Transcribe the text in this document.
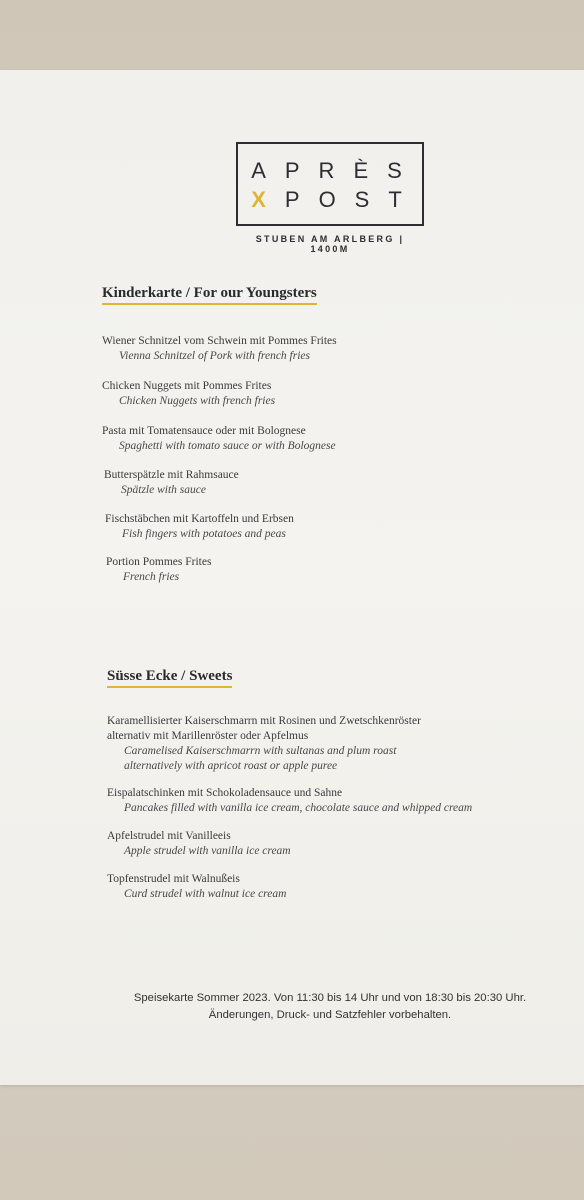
APRÈS
XPOST
STUBEN AM ARLBERG | 1400M
Kinderkarte / For our Youngsters
Wiener Schnitzel vom Schwein mit Pommes Frites
Vienna Schnitzel of Pork with french fries
Chicken Nuggets mit Pommes Frites
Chicken Nuggets with french fries
Pasta mit Tomatensauce oder mit Bolognese
Spaghetti with tomato sauce or with Bolognese
Butterspätzle mit Rahmsauce
Spätzle with sauce
Fischstäbchen mit Kartoffeln und Erbsen
Fish fingers with potatoes and peas
Portion Pommes Frites
French fries
Süsse Ecke / Sweets
Karamellisierter Kaiserschmarrn mit Rosinen und Zwetschkenröster
alternativ mit Marillenröster oder Apfelmus
Caramelised Kaiserschmarrn with sultanas and plum roast
alternatively with apricot roast or apple puree
Eispalatschinken mit Schokoladensauce und Sahne
Pancakes filled with vanilla ice cream, chocolate sauce and whipped cream
Apfelstrudel mit Vanilleeis
Apple strudel with vanilla ice cream
Topfenstrudel mit Walnußeis
Curd strudel with walnut ice cream
Speisekarte Sommer 2023. Von 11:30 bis 14 Uhr und von 18:30 bis 20:30 Uhr.
Änderungen, Druck- und Satzfehler vorbehalten.
